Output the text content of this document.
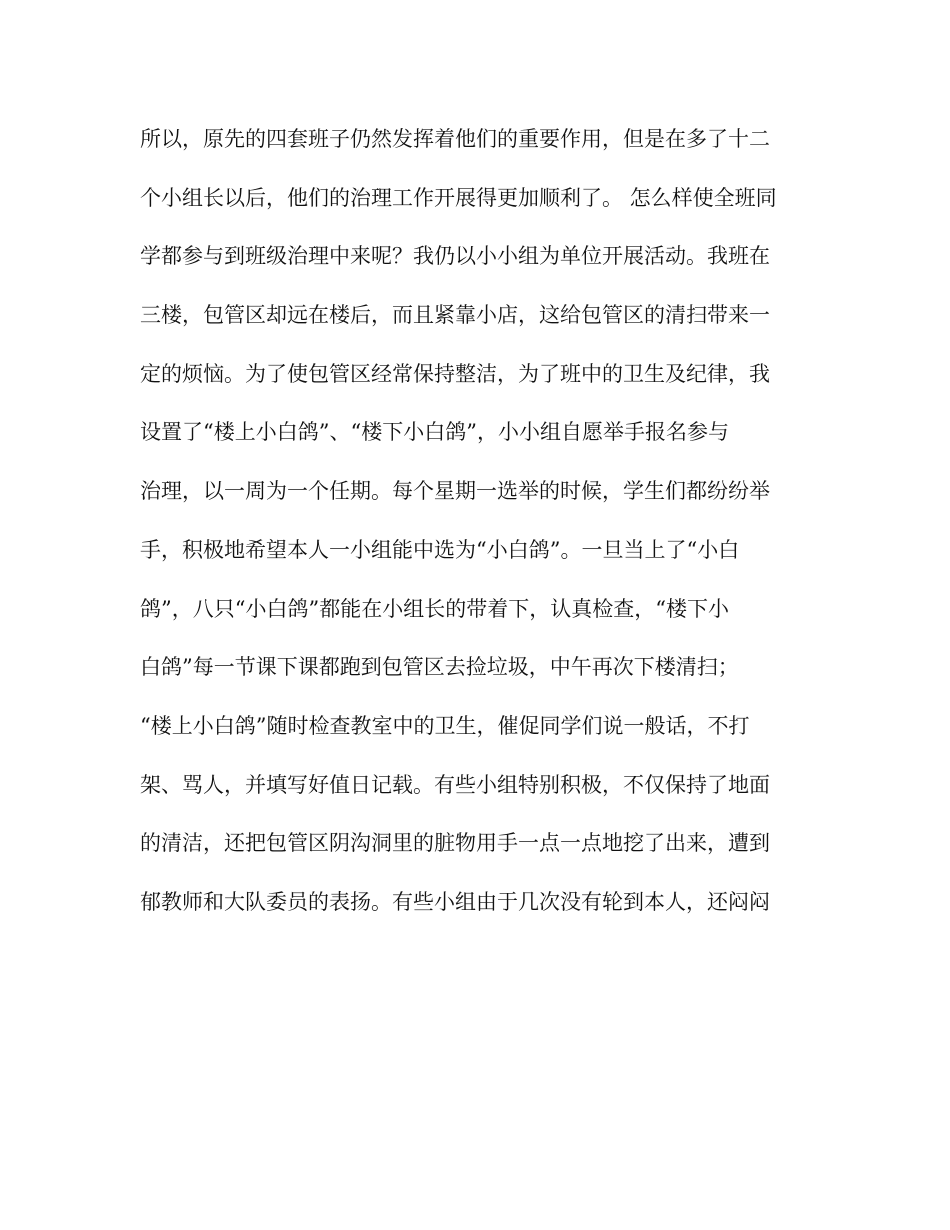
所以，原先的四套班子仍然发挥着他们的重要作用，但是在多了十二
个小组长以后，他们的治理工作开展得更加顺利了。 怎么样使全班同
学都参与到班级治理中来呢？我仍以小小组为单位开展活动。我班在
三楼，包管区却远在楼后，而且紧靠小店，这给包管区的清扫带来一
定的烦恼。为了使包管区经常保持整洁，为了班中的卫生及纪律，我
设置了“楼上小白鸽”、“楼下小白鸽”，小小组自愿举手报名参与
治理，以一周为一个任期。每个星期一选举的时候，学生们都纷纷举
手，积极地希望本人一小组能中选为“小白鸽”。一旦当上了“小白
鸽”，八只“小白鸽”都能在小组长的带着下，认真检查，“楼下小
白鸽”每一节课下课都跑到包管区去捡垃圾，中午再次下楼清扫；
“楼上小白鸽”随时检查教室中的卫生，催促同学们说一般话，不打
架、骂人，并填写好值日记载。有些小组特别积极，不仅保持了地面
的清洁，还把包管区阴沟洞里的脏物用手一点一点地挖了出来，遭到
郁教师和大队委员的表扬。有些小组由于几次没有轮到本人，还闷闷
